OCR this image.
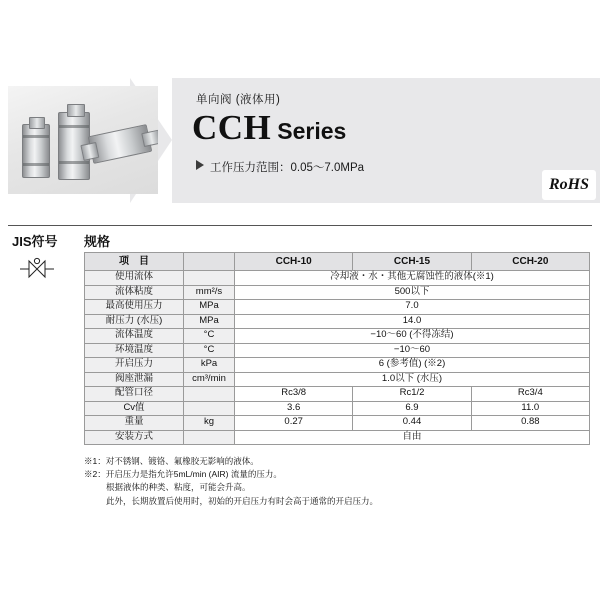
单向阀 (液体用)
CCH Series
工作压力范围：0.05～7.0MPa
RoHS
JIS符号 规格
项　目		CCH-10	CCH-15	CCH-20
使用流体		冷却液・水・其他无腐蚀性的液体(※1)		
流体粘度	mm²/s	500以下		
最高使用压力	MPa	7.0		
耐压力 (水压)	MPa	14.0		
流体温度	°C	−10～60 (不得冻结)		
环境温度	°C	−10～60		
开启压力	kPa	6 (参考值) (※2)		
阀座泄漏	cm³/min	1.0以下 (水压)		
配管口径		Rc3/8	Rc1/2	Rc3/4
Cv值		3.6	6.9	11.0
重量	kg	0.27	0.44	0.88
安装方式		自由		
※1：对不锈钢、镀铬、氟橡胶无影响的液体。
※2：开启压力是指允许5mL/min (AIR) 流量的压力。
根据液体的种类、粘度，可能会升高。
此外，长期放置后使用时，初始的开启压力有时会高于通常的开启压力。
